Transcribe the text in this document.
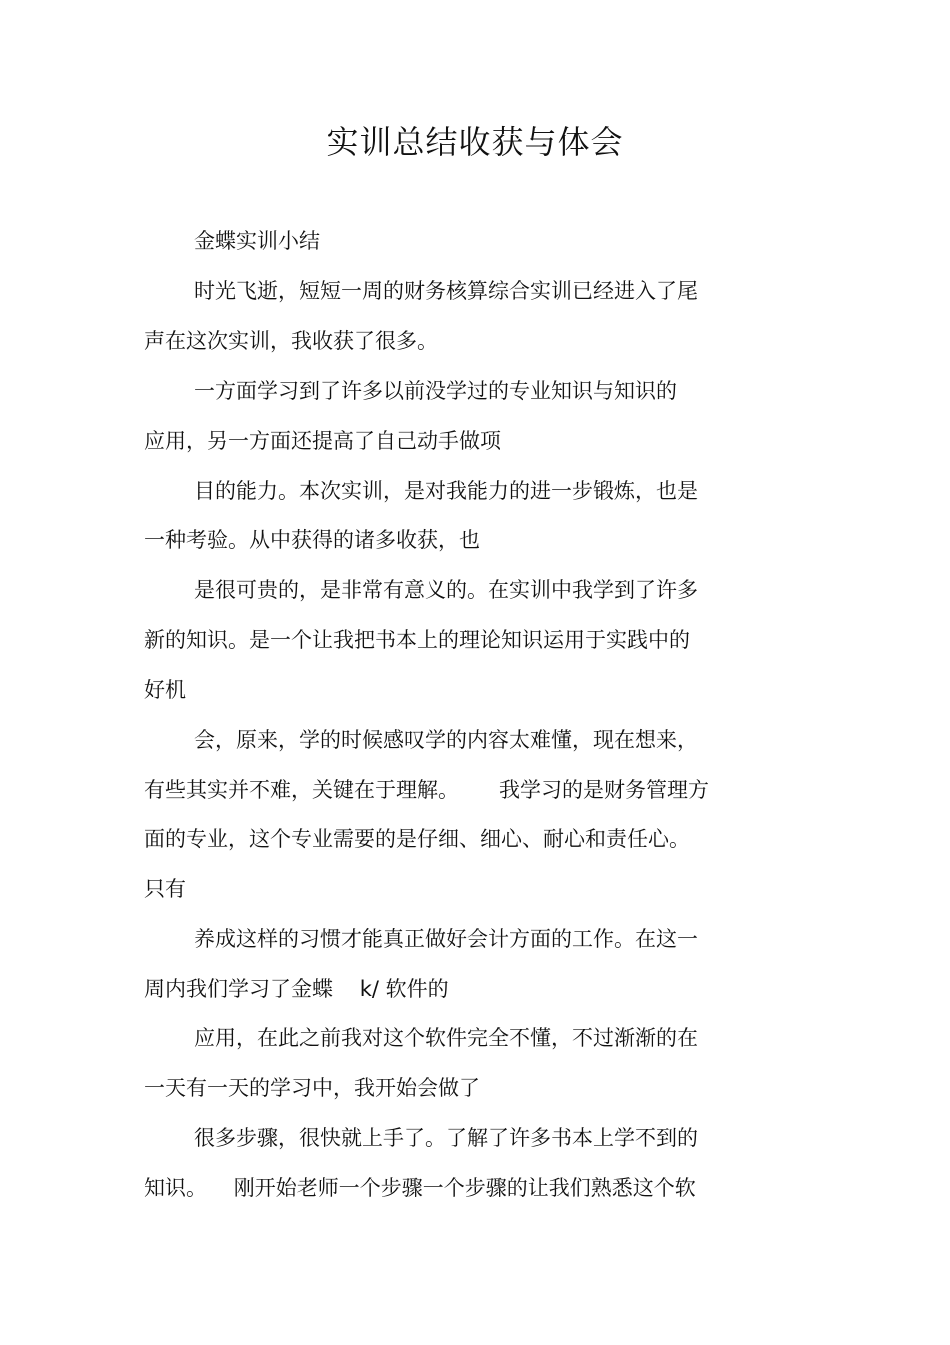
实训总结收获与体会
金蝶实训小结
时光飞逝，短短一周的财务核算综合实训已经进入了尾
声在这次实训，我收获了很多。
一方面学习到了许多以前没学过的专业知识与知识的
应用，另一方面还提高了自己动手做项
目的能力。本次实训，是对我能力的进一步锻炼，也是
一种考验。从中获得的诸多收获，也
是很可贵的，是非常有意义的。在实训中我学到了许多
新的知识。是一个让我把书本上的理论知识运用于实践中的
好机
会，原来，学的时候感叹学的内容太难懂，现在想来，
有些其实并不难，关键在于理解。      我学习的是财务管理方
面的专业，这个专业需要的是仔细、细心、耐心和责任心。
只有
养成这样的习惯才能真正做好会计方面的工作。在这一
周内我们学习了金蝶    k/ 软件的
应用，在此之前我对这个软件完全不懂，不过渐渐的在
一天有一天的学习中，我开始会做了
很多步骤，很快就上手了。了解了许多书本上学不到的
知识。    刚开始老师一个步骤一个步骤的让我们熟悉这个软
